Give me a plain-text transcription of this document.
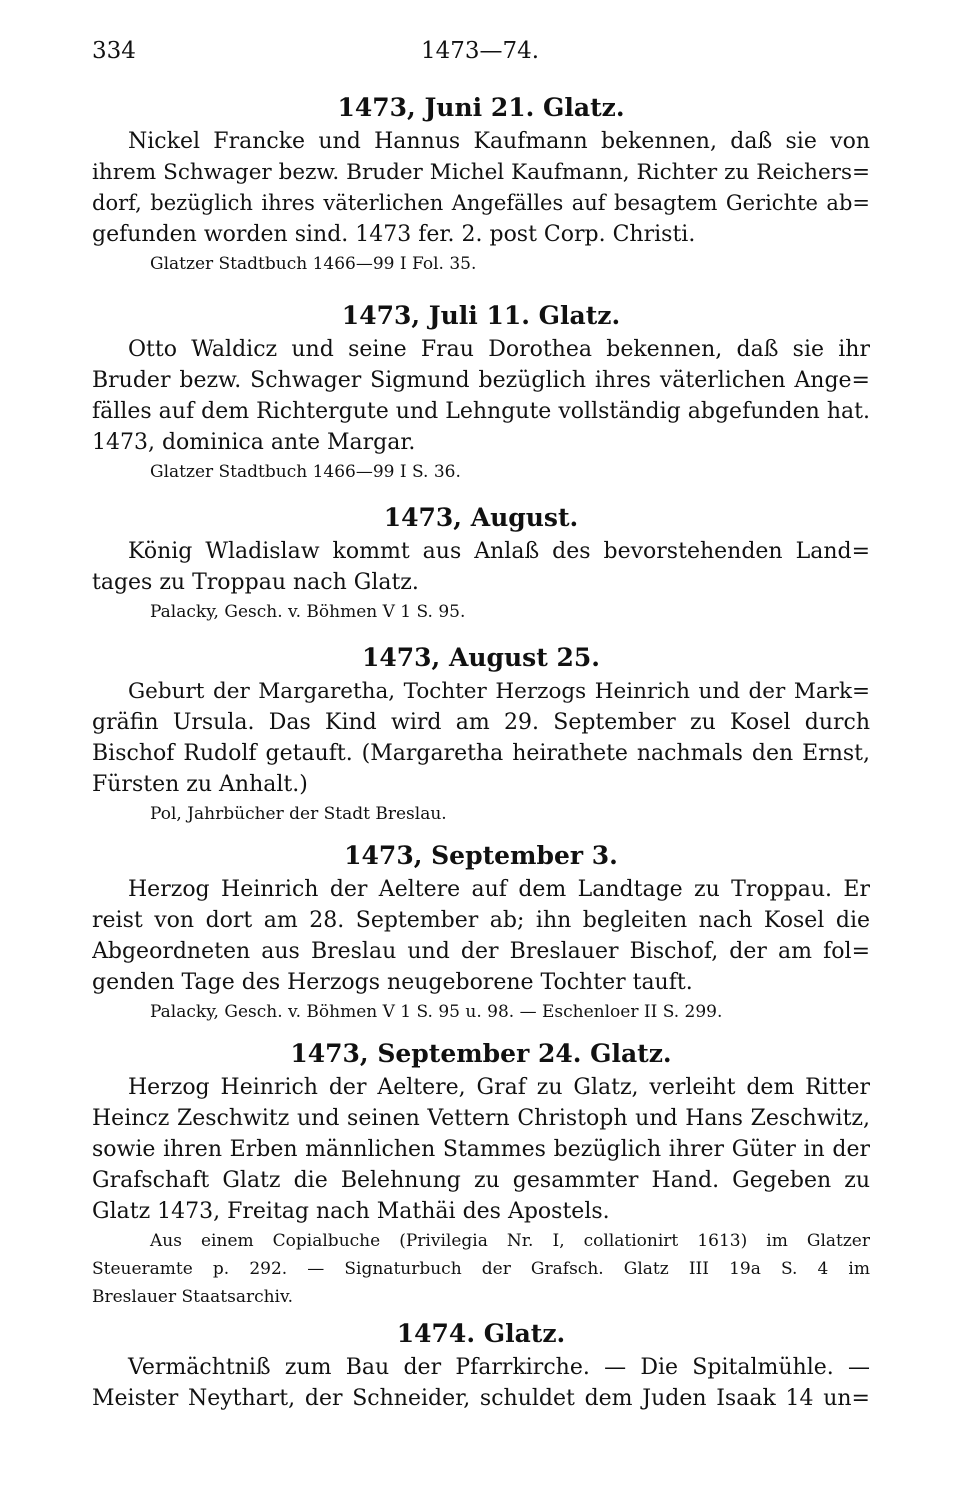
334	1473—74.

1473, Juni 21. Glatz.

Nickel Francke und Hannus Kaufmann bekennen, daß sie von

ihrem Schwager bezw. Bruder Michel Kaufmann, Richter zu Reichers=

dorf, bezüglich ihres väterlichen Angefälles auf besagtem Gerichte ab=

gefunden worden sind. 1473 fer. 2. post Corp. Christi.

Glatzer Stadtbuch 1466—99 I Fol. 35.

1473, Juli 11. Glatz.

Otto Waldicz und seine Frau Dorothea bekennen, daß sie ihr

Bruder bezw. Schwager Sigmund bezüglich ihres väterlichen Ange=

fälles auf dem Richtergute und Lehngute vollständig abgefunden hat.

1473, dominica ante Margar.

Glatzer Stadtbuch 1466—99 I S. 36.

1473, August.

König Wladislaw kommt aus Anlaß des bevorstehenden Land=

tages zu Troppau nach Glatz.

Palacky, Gesch. v. Böhmen V 1 S. 95.

1473, August 25.

Geburt der Margaretha, Tochter Herzogs Heinrich und der Mark=

gräfin Ursula. Das Kind wird am 29. September zu Kosel durch

Bischof Rudolf getauft. (Margaretha heirathete nachmals den Ernst,

Fürsten zu Anhalt.)

Pol, Jahrbücher der Stadt Breslau.

1473, September 3.

Herzog Heinrich der Aeltere auf dem Landtage zu Troppau. Er

reist von dort am 28. September ab; ihn begleiten nach Kosel die

Abgeordneten aus Breslau und der Breslauer Bischof, der am fol=

genden Tage des Herzogs neugeborene Tochter tauft.

Palacky, Gesch. v. Böhmen V 1 S. 95 u. 98. — Eschenloer II S. 299.

1473, September 24. Glatz.

Herzog Heinrich der Aeltere, Graf zu Glatz, verleiht dem Ritter

Heincz Zeschwitz und seinen Vettern Christoph und Hans Zeschwitz,

sowie ihren Erben männlichen Stammes bezüglich ihrer Güter in der

Grafschaft Glatz die Belehnung zu gesammter Hand. Gegeben zu

Glatz 1473, Freitag nach Mathäi des Apostels.

Aus einem Copialbuche (Privilegia Nr. I, collationirt 1613) im Glatzer

Steueramte p. 292. — Signaturbuch der Grafsch. Glatz III 19a S. 4 im

Breslauer Staatsarchiv.

1474. Glatz.

Vermächtniß zum Bau der Pfarrkirche. — Die Spitalmühle. —

Meister Neythart, der Schneider, schuldet dem Juden Isaak 14 un=
